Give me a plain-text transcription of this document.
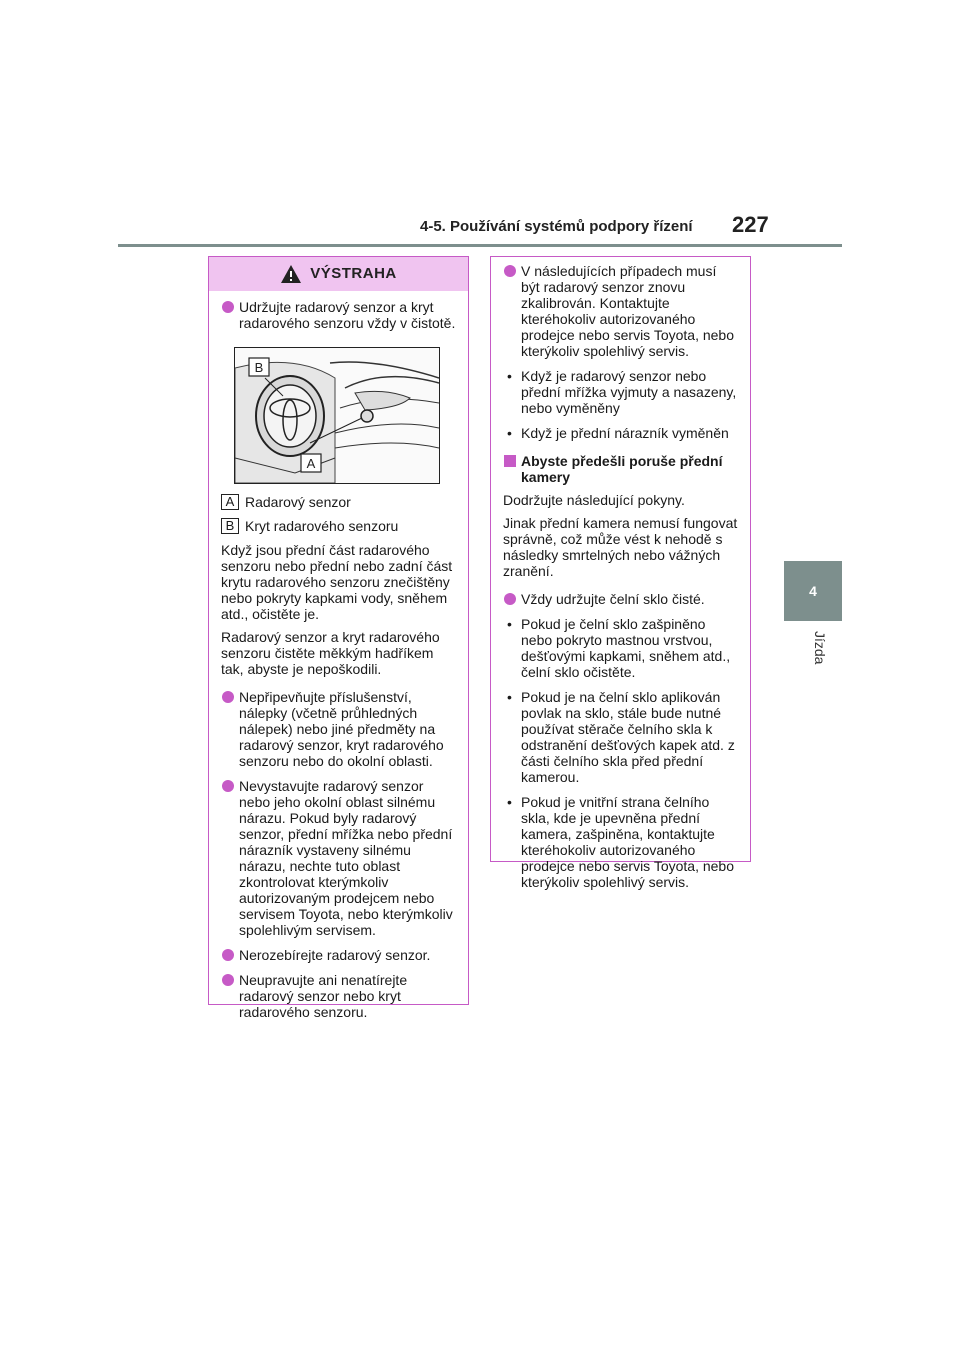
4-5. Používání systémů podpory řízení 227
4
Jízda
VÝSTRAHA
Udržujte radarový senzor a kryt radarového senzoru vždy v čistotě.
B
A
A Radarový senzor
B Kryt radarového senzoru

Když jsou přední část radarového senzoru nebo přední nebo zadní část krytu radarového senzoru znečištěny nebo pokryty kapkami vody, sněhem atd., očistěte je.

Radarový senzor a kryt radarového senzoru čistěte měkkým hadříkem tak, abyste je nepoškodili.

Nepřipevňujte příslušenství, nálepky (včetně průhledných nálepek) nebo jiné předměty na radarový senzor, kryt radarového senzoru nebo do okolní oblasti.
Nevystavujte radarový senzor nebo jeho okolní oblast silnému nárazu. Pokud byly radarový senzor, přední mřížka nebo přední nárazník vystaveny silnému nárazu, nechte tuto oblast zkontrolovat kterýmkoliv autorizovaným prodejcem nebo servisem Toyota, nebo kterýmkoliv spolehlivým servisem.
Nerozebírejte radarový senzor.
Neupravujte ani nenatírejte radarový senzor nebo kryt radarového senzoru.
V následujících případech musí být radarový senzor znovu zkalibrován. Kontaktujte kteréhokoliv autorizovaného prodejce nebo servis Toyota, nebo kterýkoliv spolehlivý servis.
• Když je radarový senzor nebo přední mřížka vyjmuty a nasazeny, nebo vyměněny
• Když je přední nárazník vyměněn
Abyste předešli poruše přední kamery

Dodržujte následující pokyny.

Jinak přední kamera nemusí fungovat správně, což může vést k nehodě s následky smrtelných nebo vážných zranění.

Vždy udržujte čelní sklo čisté.
• Pokud je čelní sklo zašpiněno nebo pokryto mastnou vrstvou, dešťovými kapkami, sněhem atd., čelní sklo očistěte.
• Pokud je na čelní sklo aplikován povlak na sklo, stále bude nutné používat stěrače čelního skla k odstranění dešťových kapek atd. z části čelního skla před přední kamerou.
• Pokud je vnitřní strana čelního skla, kde je upevněna přední kamera, zašpiněna, kontaktujte kteréhokoliv autorizovaného prodejce nebo servis Toyota, nebo kterýkoliv spolehlivý servis.
